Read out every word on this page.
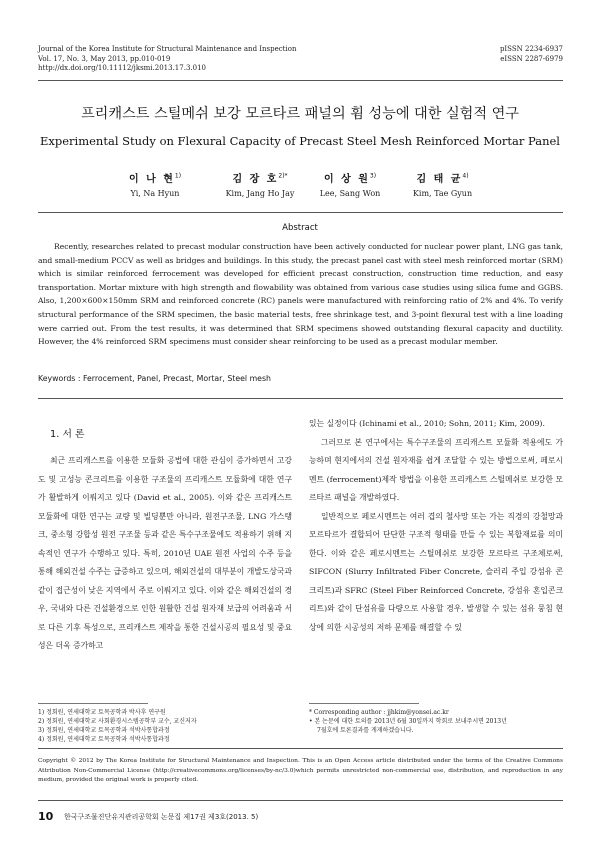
Journal of the Korea Institute for Structural Maintenance and Inspection
Vol. 17, No. 3, May 2013, pp.010-019
http://dx.doi.org/10.11112/jksmi.2013.17.3.010
pISSN 2234-6937
eISSN 2287-6979
프리캐스트 스틸메쉬 보강 모르타르 패널의 휨 성능에 대한 실험적 연구
Experimental Study on Flexural Capacity of Precast Steel Mesh Reinforced Mortar Panel
이 나 현$^{1)}$
Yi, Na Hyun
김 장 호$^{2)*}$
Kim, Jang Ho Jay
이 상 원$^{3)}$
Lee, Sang Won
김 태 균$^{4)}$
Kim, Tae Gyun
Abstract
Recently, researches related to precast modular construction have been actively conducted for nuclear power plant, LNG gas tank, and small-medium PCCV as well as bridges and buildings. In this study, the precast panel cast with steel mesh reinforced mortar (SRM) which is similar reinforced ferrocement was developed for efficient precast construction, construction time reduction, and easy transportation. Mortar mixture with high strength and flowability was obtained from various case studies using silica fume and GGBS. Also, 1,200×600×150mm SRM and reinforced concrete (RC) panels were manufactured with reinforcing ratio of 2% and 4%. To verify structural performance of the SRM specimen, the basic material tests, free shrinkage test, and 3-point flexural test with a line loading were carried out. From the test results, it was determined that SRM specimens showed outstanding flexural capacity and ductility. However, the 4% reinforced SRM specimens must consider shear reinforcing to be used as a precast modular member.
Keywords : Ferrocement, Panel, Precast, Mortar, Steel mesh
1. 서 론

최근 프리캐스트를 이용한 모듈화 공법에 대한 관심이 증가하면서 고강도 및 고성능 콘크리트를 이용한 구조물의 프리캐스트 모듈화에 대한 연구가 활발하게 이뤄지고 있다 (David et al., 2005). 이와 같은 프리캐스트 모듈화에 대한 연구는 교량 및 빌딩뿐만 아니라, 원전구조물, LNG 가스탱크, 중소형 강합성 원전 구조물 등과 같은 특수구조물에도 적용하기 위해 지속적인 연구가 수행하고 있다. 특히, 2010년 UAE 원전 사업의 수주 등을 통해 해외건설 수주는 급증하고 있으며, 해외건설의 대부분이 개발도상국과 같이 접근성이 낮은 지역에서 주로 이뤄지고 있다. 이와 같은 해외건설의 경우, 국내와 다른 건설환경으로 인한 원활한 건설 원자재 보급의 어려움과 서로 다른 기후 특성으로, 프리캐스트 제작을 통한 건설시공의 필요성 및 중요성은 더욱 증가하고

있는 실정이다 (Ichinami et al., 2010; Sohn, 2011; Kim, 2009).

그러므로 본 연구에서는 특수구조물의 프리캐스트 모듈화 적용에도 가능하며 현지에서의 건설 원자재를 쉽게 조달할 수 있는 방법으로써, 페로시멘트 (ferrocement)제작 방법을 이용한 프리캐스트 스틸메쉬로 보강한 모르타르 패널을 개발하였다.

일반적으로 페로시멘트는 여러 겹의 철사망 또는 가는 직경의 강철망과 모르타르가 결합되어 단단한 구조적 형태를 만들 수 있는 복합재료를 의미한다. 이와 같은 페로시멘트는 스틸메쉬로 보강한 모르타르 구조체로써, SIFCON (Slurry Infiltrated Fiber Concrete, 슬러리 주입 강섬유 콘크리트)과 SFRC (Steel Fiber Reinforced Concrete, 강섬유 혼입콘크리트)와 같이 단섬유를 다량으로 사용할 경우, 발생할 수 있는 섬유 뭉침 현상에 의한 시공성의 저하 문제를 해결할 수 있

1) 정회원, 연세대학교 토목공학과 박사후 연구원
2) 정회원, 연세대학교 사회환경시스템공학부 교수, 교신저자
3) 정회원, 연세대학교 토목공학과 석박사통합과정
4) 정회원, 연세대학교 토목공학과 석박사통합과정
* Corresponding author : jjhkim@yonsei.ac.kr
• 본 논문에 대한 토의를 2013년 6월 30일까지 학회로 보내주시면 2013년
7월호에 토론결과를 게재하겠습니다.
Copyright © 2012 by The Korea Institute for Structural Maintenance and Inspection. This is an Open Access article distributed under the terms of the Creative Commons Attribution Non-Commercial License (http://creativecommons.org/licenses/by-nc/3.0)which permits unrestricted non-commercial use, distribution, and reproduction in any medium, provided the original work is properly cited.
10 한국구조물진단유지관리공학회 논문집 제17권 제3호(2013. 5)
